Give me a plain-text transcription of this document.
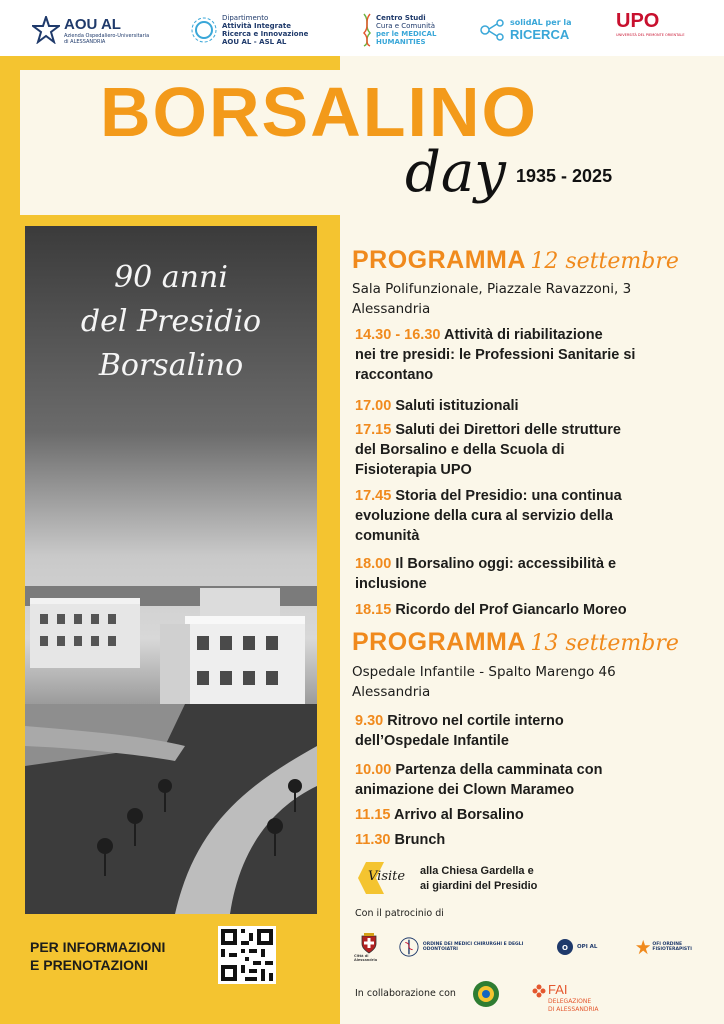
AOU AL
Azienda Ospedaliero-Universitaria di ALESSANDRIA
Dipartimento
Attività Integrate
Ricerca e Innovazione
AOU AL - ASL AL
Centro Studi
Cura e Comunità
per le MEDICAL
HUMANITIES
solidAL per la
RICERCA
UPO
UNIVERSITÀ DEL PIEMONTE ORIENTALE
BORSALINO
day 1935 - 2025
90 anni
del Presidio
Borsalino
PER INFORMAZIONI
E PRENOTAZIONI
PROGRAMMA 12 settembre
Sala Polifunzionale, Piazzale Ravazzoni, 3
Alessandria
14.30 - 16.30 Attività di riabilitazione
nei tre presidi: le Professioni Sanitarie si
raccontano
17.00 Saluti istituzionali
17.15 Saluti dei Direttori delle strutture
del Borsalino e della Scuola di
Fisioterapia UPO
17.45 Storia del Presidio: una continua
evoluzione della cura al servizio della
comunità
18.00 Il Borsalino oggi: accessibilità e
inclusione
18.15 Ricordo del Prof Giancarlo Moreo
PROGRAMMA 13 settembre
Ospedale Infantile - Spalto Marengo 46
Alessandria
9.30 Ritrovo nel cortile interno
dell’Ospedale Infantile
10.00 Partenza della camminata con
animazione dei Clown Marameo
11.15 Arrivo al Borsalino
11.30 Brunch
Visite alla Chiesa Gardella e
ai giardini del Presidio
Con il patrocinio di
Città di Alessandria
ORDINE DEI MEDICI CHIRURGHI E DEGLI ODONTOIATRI	O OPI AL	OFI ORDINE FISIOTERAPISTI
In collaborazione con	FAI
DELEGAZIONE
DI ALESSANDRIA
